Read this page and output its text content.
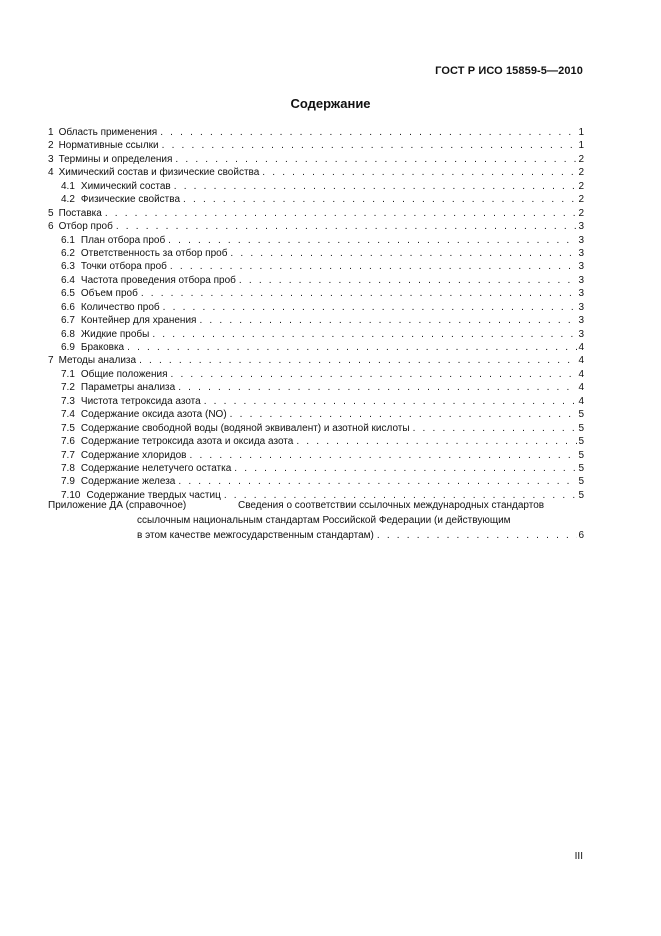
ГОСТ Р ИСО 15859-5—2010
Содержание
1 Область применения . . .	1
2 Нормативные ссылки . . .	1
3 Термины и определения . . .	2
4 Химический состав и физические свойства . . .	2
4.1 Химический состав . . .	2
4.2 Физические свойства . . .	2
5 Поставка . . .	2
6 Отбор проб . . .	3
6.1 План отбора проб . . .	3
6.2 Ответственность за отбор проб . . .	3
6.3 Точки отбора проб . . .	3
6.4 Частота проведения отбора проб . . .	3
6.5 Объем проб . . .	3
6.6 Количество проб . . .	3
6.7 Контейнер для хранения . . .	3
6.8 Жидкие пробы . . .	3
6.9 Браковка . . .	4
7 Методы анализа . . .	4
7.1 Общие положения . . .	4
7.2 Параметры анализа . . .	4
7.3 Чистота тетроксида азота . . .	4
7.4 Содержание оксида азота (NO) . . .	5
7.5 Содержание свободной воды (водяной эквивалент) и азотной кислоты . . .	5
7.6 Содержание тетроксида азота и оксида азота . . .	5
7.7 Содержание хлоридов . . .	5
7.8 Содержание нелетучего остатка . . .	5
7.9 Содержание железа . . .	5
7.10 Содержание твердых частиц . . .	5
Приложение ДА (справочное)	Сведения о соответствии ссылочных международных стандартов
ссылочным национальным стандартам Российской Федерации (и действующим
в этом качестве межгосударственным стандартам) . . .	6
III
